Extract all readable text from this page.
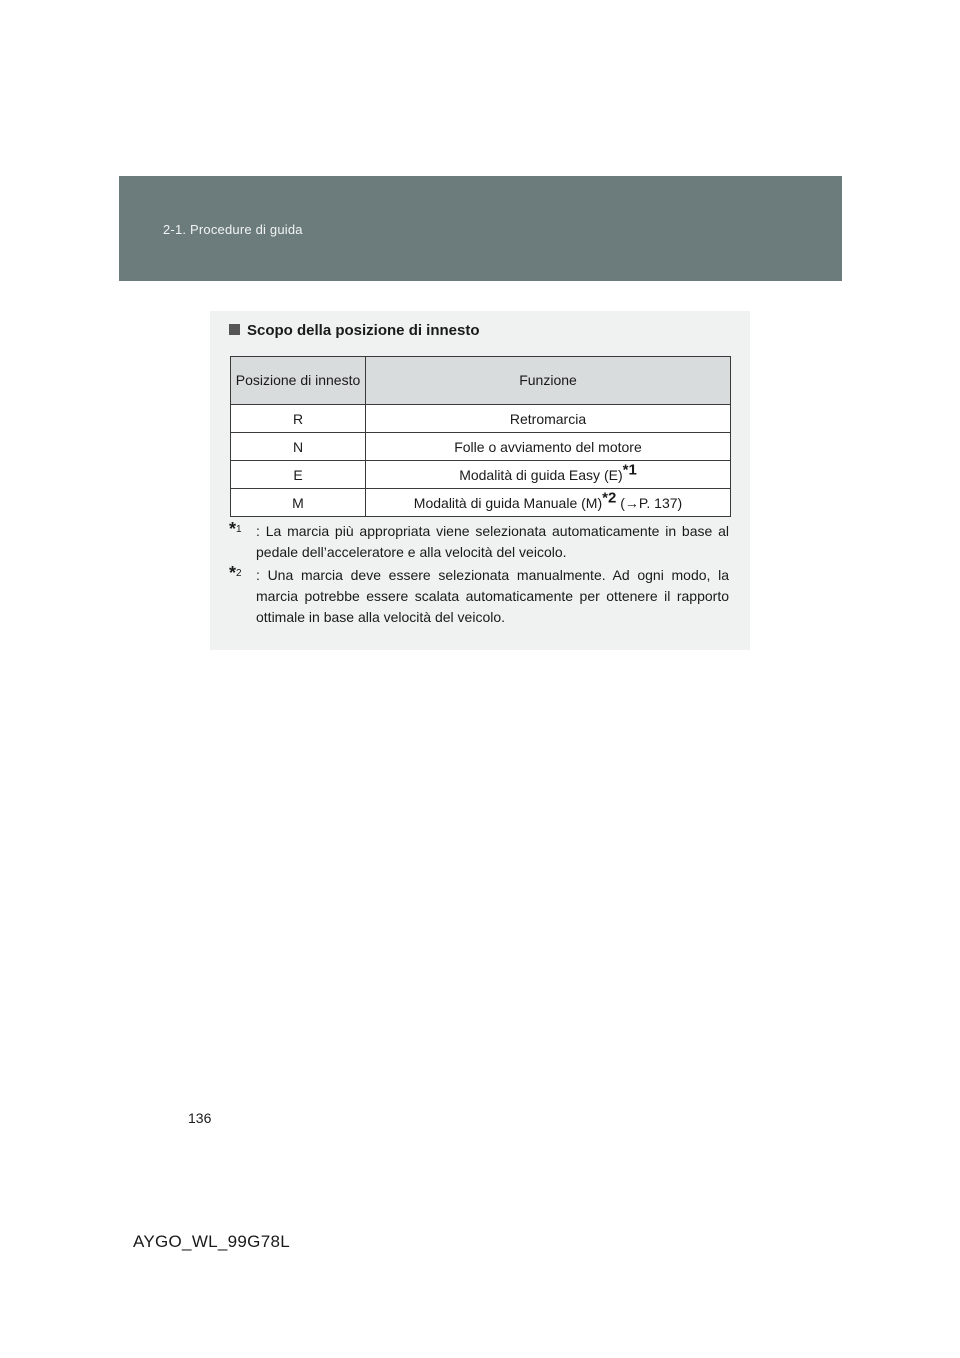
2-1. Procedure di guida
Scopo della posizione di innesto
Posizione di innesto	Funzione
R	Retromarcia
N	Folle o avviamento del motore
E	Modalità di guida Easy $(E)^{*1}$
M	Modalità di guida Manuale $(M)^{*2}$ (→P. 137)
*$^1$ : La marcia più appropriata viene selezionata automaticamente in base al pedale dell’acceleratore e alla velocità del veicolo.
*$^2$ : Una marcia deve essere selezionata manualmente. Ad ogni modo, la marcia potrebbe essere scalata automaticamente per ottenere il rapporto ottimale in base alla velocità del veicolo.
136
AYGO_WL_99G78L
